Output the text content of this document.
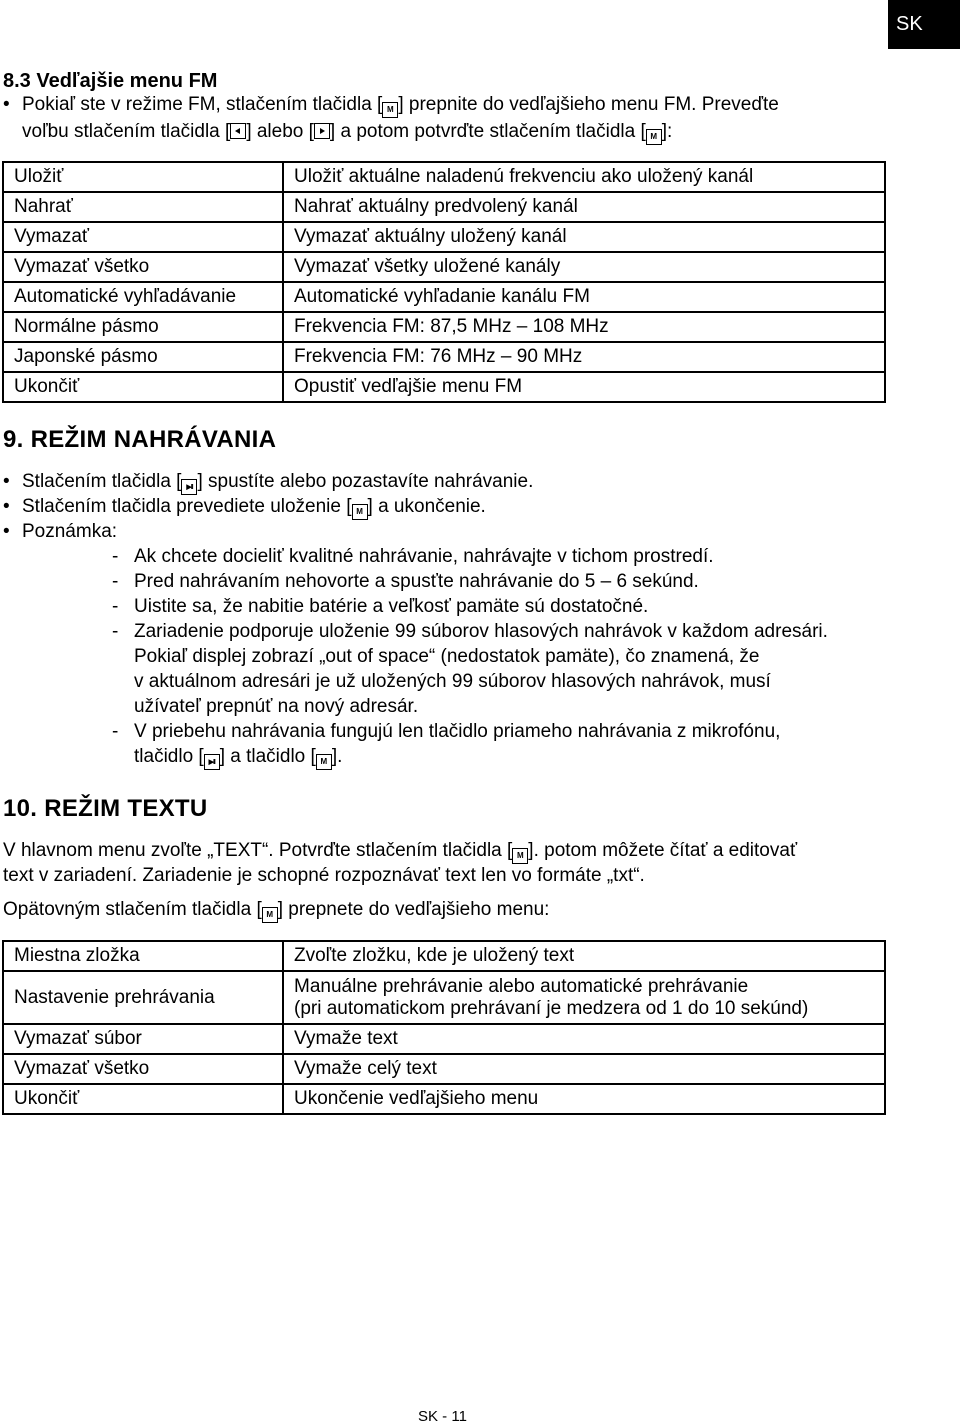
SK
8.3 Vedľajšie menu FM
• Pokiaľ ste v režime FM, stlačením tlačidla [ M ] prepnite do vedľajšieho menu FM. Preveďte
voľbu stlačením tlačidla [ ] alebo [ ] a potom potvrďte stlačením tlačidla [ M ]:
Uložiť	Uložiť aktuálne naladenú frekvenciu ako uložený kanál

Nahrať	Nahrať aktuálny predvolený kanál

Vymazať	Vymazať aktuálny uložený kanál

Vymazať všetko	Vymazať všetky uložené kanály

Automatické vyhľadávanie	Automatické vyhľadanie kanálu FM

Normálne pásmo	Frekvencia FM: 87,5 MHz – 108 MHz

Japonské pásmo	Frekvencia FM: 76 MHz – 90 MHz

Ukončiť	Opustiť vedľajšie menu FM
9. REŽIM NAHRÁVANIA
• Stlačením tlačidla [ ▶II ] spustíte alebo pozastavíte nahrávanie.
• Stlačením tlačidla prevediete uloženie [ M ] a ukončenie.
• Poznámka:
- Ak chcete docieliť kvalitné nahrávanie, nahrávajte v tichom prostredí.
- Pred nahrávaním nehovorte a spusťte nahrávanie do 5 – 6 sekúnd.
- Uistite sa, že nabitie batérie a veľkosť pamäte sú dostatočné.
- Zariadenie podporuje uloženie 99 súborov hlasových nahrávok v každom adresári.
Pokiaľ displej zobrazí „out of space“ (nedostatok pamäte), čo znamená, že
v aktuálnom adresári je už uložených 99 súborov hlasových nahrávok, musí
užívateľ prepnúť na nový adresár.
- V priebehu nahrávania fungujú len tlačidlo priameho nahrávania z mikrofónu,
tlačidlo [ ▶II ] a tlačidlo [ M ].
10. REŽIM TEXTU
V hlavnom menu zvoľte „TEXT“. Potvrďte stlačením tlačidla [ M ]. potom môžete čítať a editovať
text v zariadení. Zariadenie je schopné rozpoznávať text len vo formáte „txt“.
Opätovným stlačením tlačidla [ M ] prepnete do vedľajšieho menu:
Miestna zložka	Zvoľte zložku, kde je uložený text

Nastavenie prehrávania	Manuálne prehrávanie alebo automatické prehrávanie
(pri automatickom prehrávaní je medzera od 1 do 10 sekúnd)

Vymazať súbor	Vymaže text

Vymazať všetko	Vymaže celý text

Ukončiť	Ukončenie vedľajšieho menu
SK - 11
